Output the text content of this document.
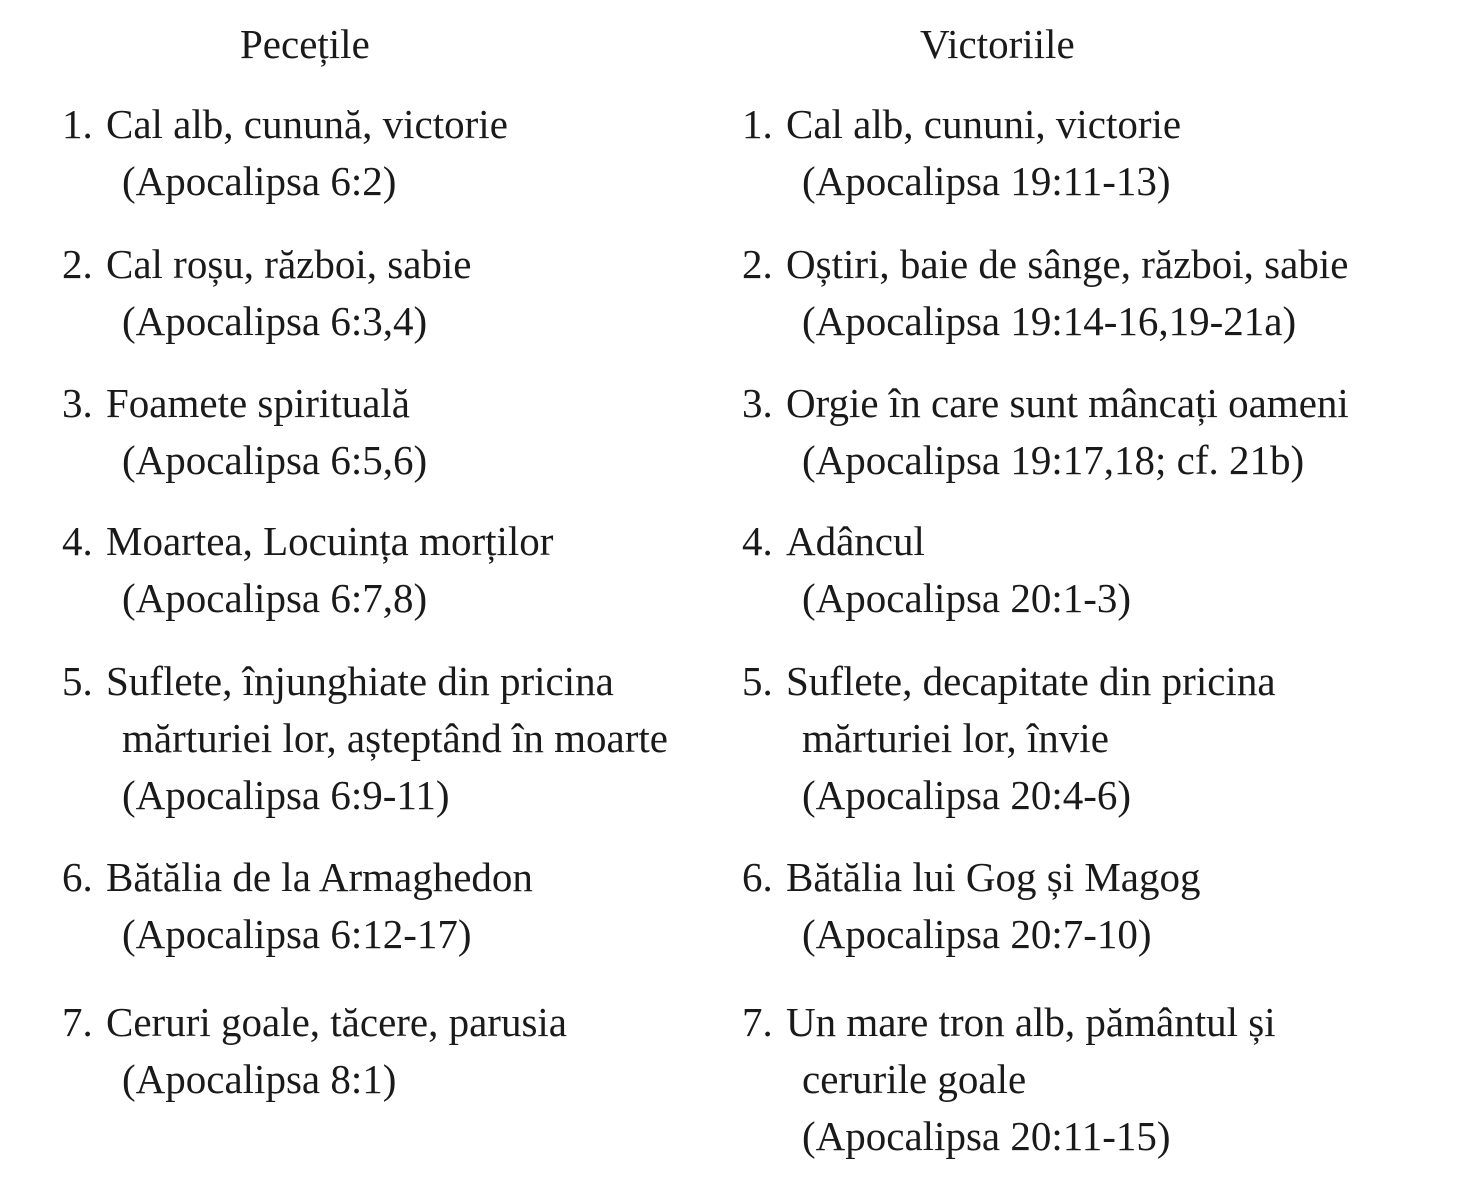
Pecețile
1. Cal alb, cunună, victorie
(Apocalipsa 6:2)
2. Cal roșu, război, sabie
(Apocalipsa 6:3,4)
3. Foamete spirituală
(Apocalipsa 6:5,6)
4. Moartea, Locuința morților
(Apocalipsa 6:7,8)
5. Suflete, înjunghiate din pricina
mărturiei lor, așteptând în moarte
(Apocalipsa 6:9-11)
6. Bătălia de la Armaghedon
(Apocalipsa 6:12-17)
7. Ceruri goale, tăcere, parusia
(Apocalipsa 8:1)
Victoriile
1. Cal alb, cununi, victorie
(Apocalipsa 19:11-13)
2. Oștiri, baie de sânge, război, sabie
(Apocalipsa 19:14-16,19-21a)
3. Orgie în care sunt mâncați oameni
(Apocalipsa 19:17,18; cf. 21b)
4. Adâncul
(Apocalipsa 20:1-3)
5. Suflete, decapitate din pricina
mărturiei lor, învie
(Apocalipsa 20:4-6)
6. Bătălia lui Gog și Magog
(Apocalipsa 20:7-10)
7. Un mare tron alb, pământul și
cerurile goale
(Apocalipsa 20:11-15)
